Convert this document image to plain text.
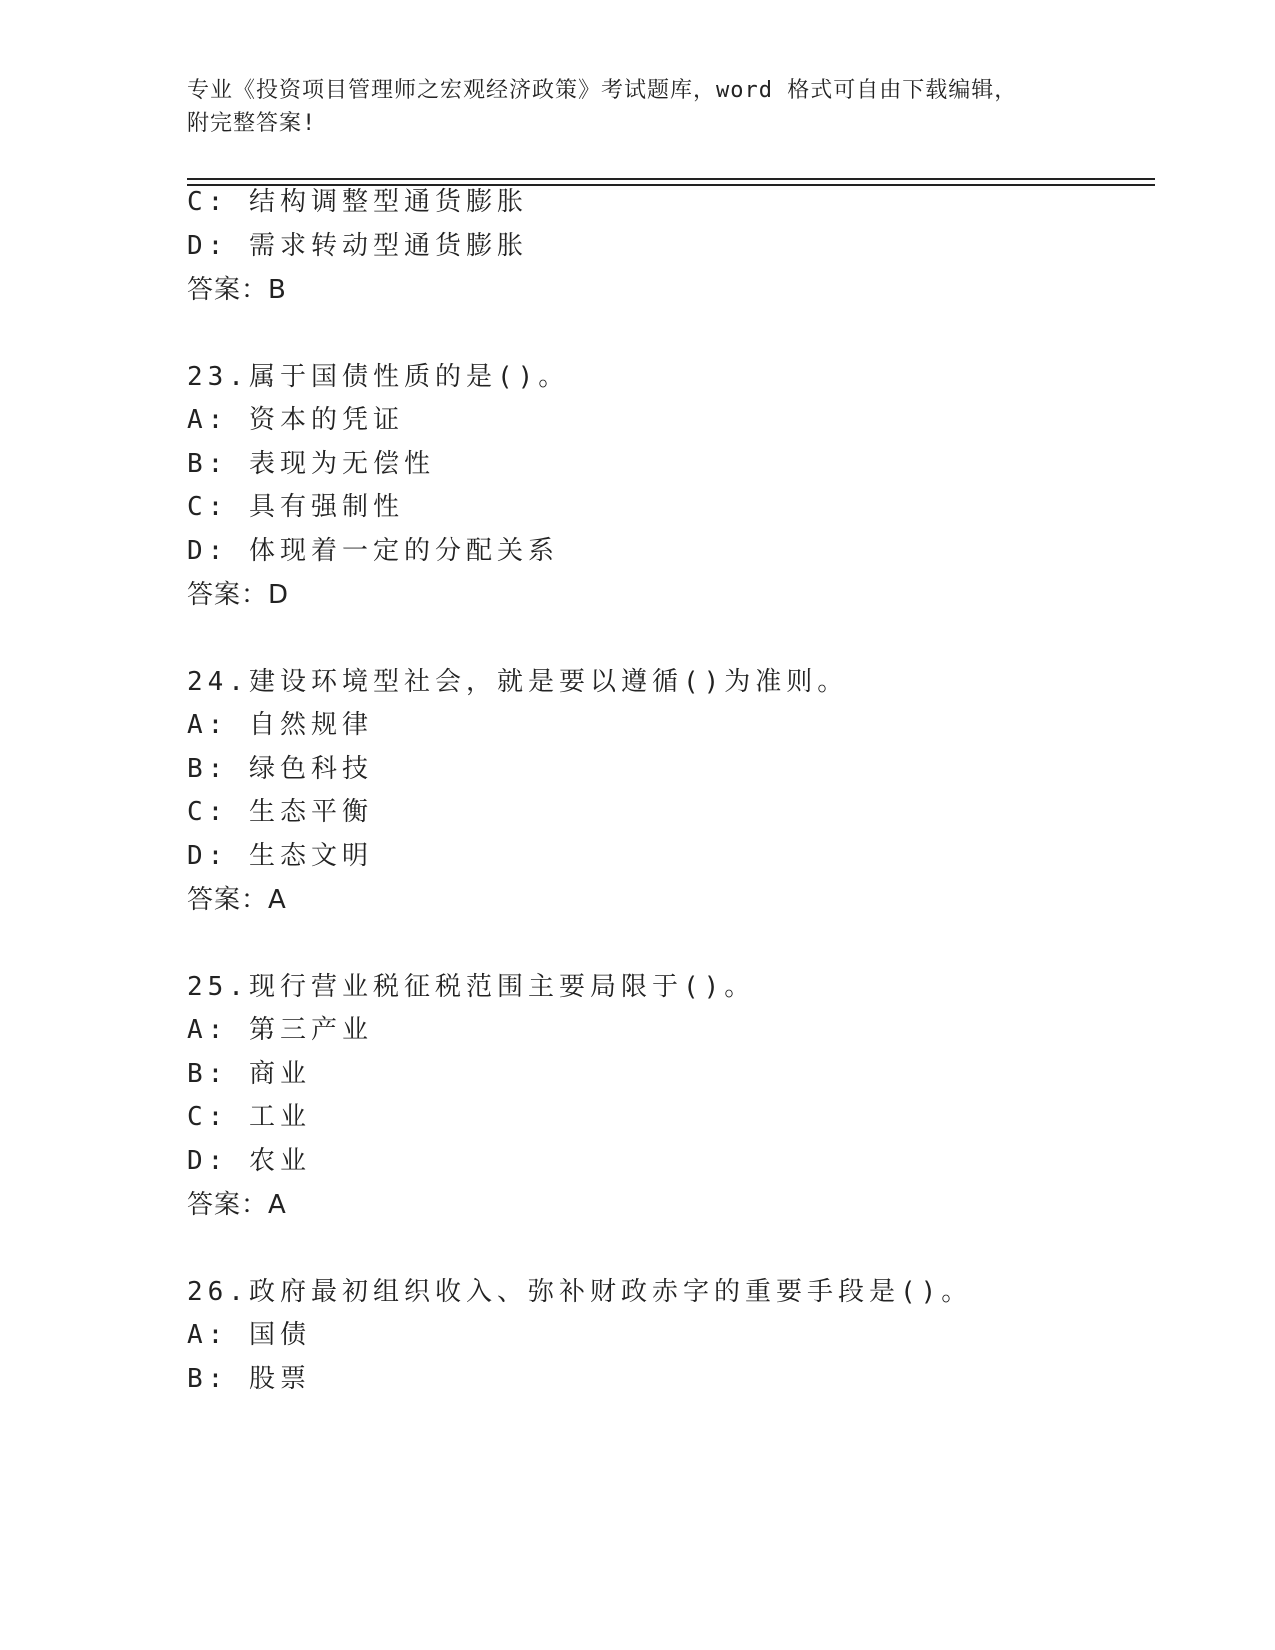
专业《投资项目管理师之宏观经济政策》考试题库，word 格式可自由下载编辑，
附完整答案!
C: 结构调整型通货膨胀
D: 需求转动型通货膨胀
答案：B
23.属于国债性质的是()。
A: 资本的凭证
B: 表现为无偿性
C: 具有强制性
D: 体现着一定的分配关系
答案：D
24.建设环境型社会，就是要以遵循()为准则。
A: 自然规律
B: 绿色科技
C: 生态平衡
D: 生态文明
答案：A
25.现行营业税征税范围主要局限于()。
A: 第三产业
B: 商业
C: 工业
D: 农业
答案：A
26.政府最初组织收入、弥补财政赤字的重要手段是()。
A: 国债
B: 股票
